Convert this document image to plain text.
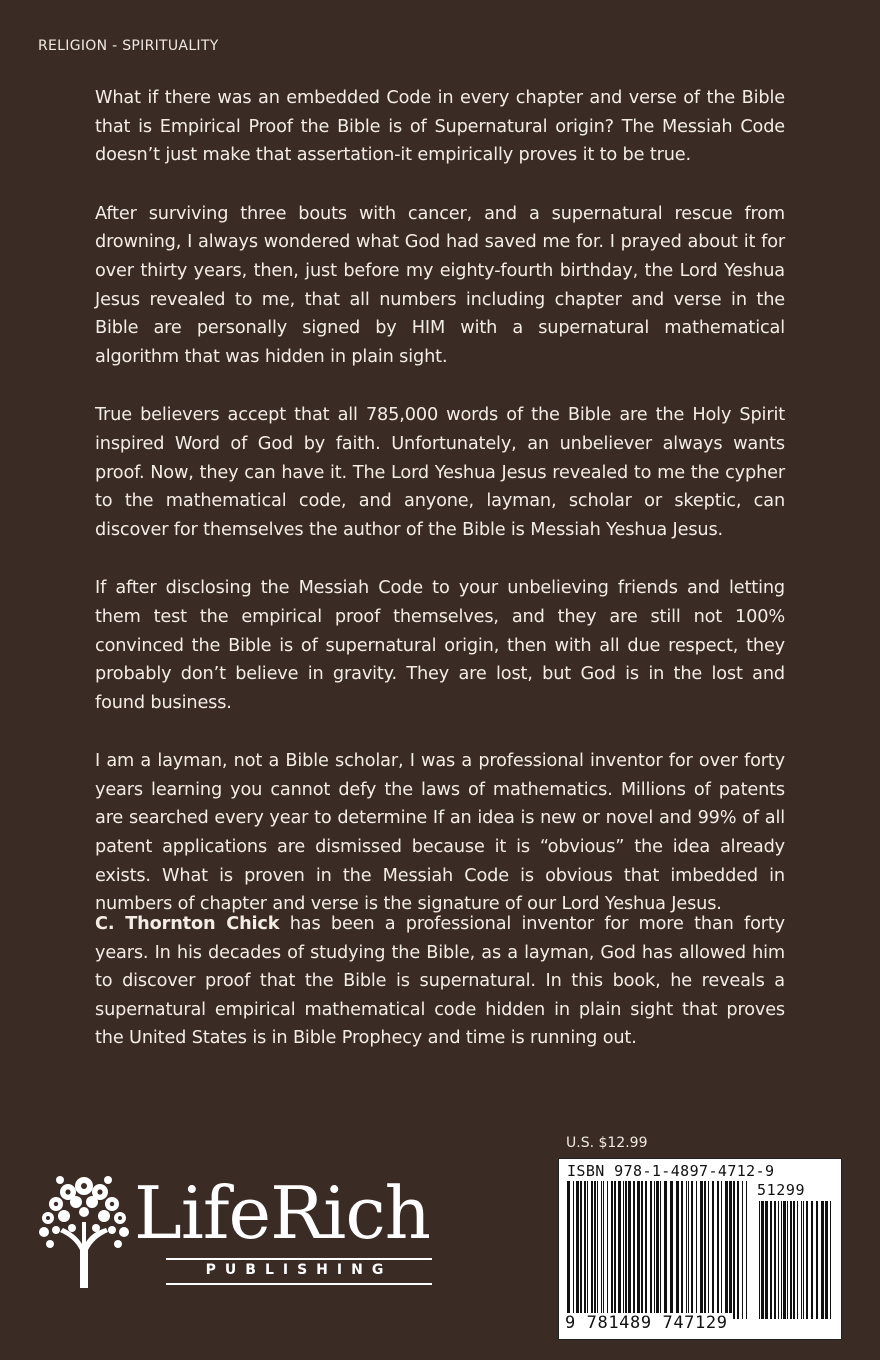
RELIGION - SPIRITUALITY

What if there was an embedded Code in every chapter and verse of the Bible that is Empirical Proof the Bible is of Supernatural origin? The Messiah Code doesn’t just make that assertation-it empirically proves it to be true.

After surviving three bouts with cancer, and a supernatural rescue from drowning, I always wondered what God had saved me for. I prayed about it for over thirty years, then, just before my eighty-fourth birthday, the Lord Yeshua Jesus revealed to me, that all numbers including chapter and verse in the Bible are personally signed by HIM with a supernatural mathematical algorithm that was hidden in plain sight.

True believers accept that all 785,000 words of the Bible are the Holy Spirit inspired Word of God by faith. Unfortunately, an unbeliever always wants proof. Now, they can have it. The Lord Yeshua Jesus revealed to me the cypher to the mathematical code, and anyone, layman, scholar or skeptic, can discover for themselves the author of the Bible is Messiah Yeshua Jesus.

If after disclosing the Messiah Code to your unbelieving friends and letting them test the empirical proof themselves, and they are still not 100% convinced the Bible is of supernatural origin, then with all due respect, they probably don’t believe in gravity. They are lost, but God is in the lost and found business.

I am a layman, not a Bible scholar, I was a professional inventor for over forty years learning you cannot defy the laws of mathematics. Millions of patents are searched every year to determine If an idea is new or novel and 99% of all patent applications are dismissed because it is “obvious” the idea already exists. What is proven in the Messiah Code is obvious that imbedded in numbers of chapter and verse is the signature of our Lord Yeshua Jesus.

C. Thornton Chick has been a professional inventor for more than forty years. In his decades of studying the Bible, as a layman, God has allowed him to discover proof that the Bible is supernatural. In this book, he reveals a supernatural empirical mathematical code hidden in plain sight that proves the United States is in Bible Prophecy and time is running out.
U.S. $12.99
ISBN 978-1-4897-4712-9
51299
9 781489 747129
LifeRich
PUBLISHING
